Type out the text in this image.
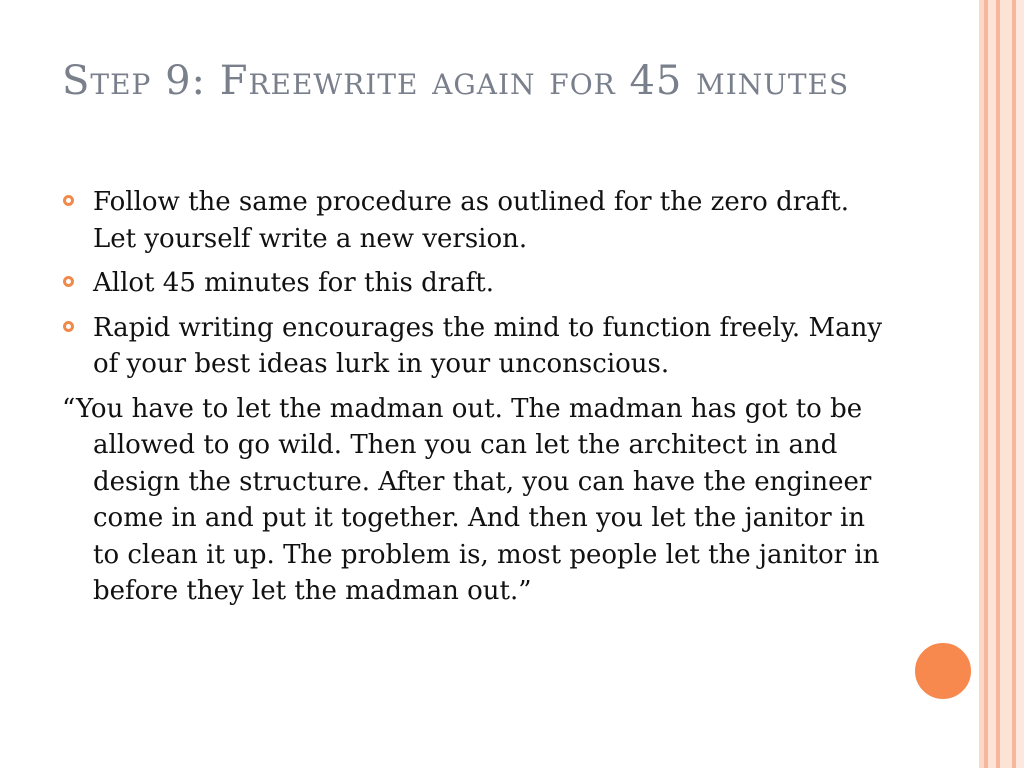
Step 9: Freewrite again for 45 minutes
Follow the same procedure as outlined for the zero draft. Let yourself write a new version.
Allot 45 minutes for this draft.
Rapid writing encourages the mind to function freely. Many of your best ideas lurk in your unconscious.

“You have to let the madman out. The madman has got to be allowed to go wild. Then you can let the architect in and design the structure. After that, you can have the engineer come in and put it together. And then you let the janitor in to clean it up. The problem is, most people let the janitor in before they let the madman out.”
